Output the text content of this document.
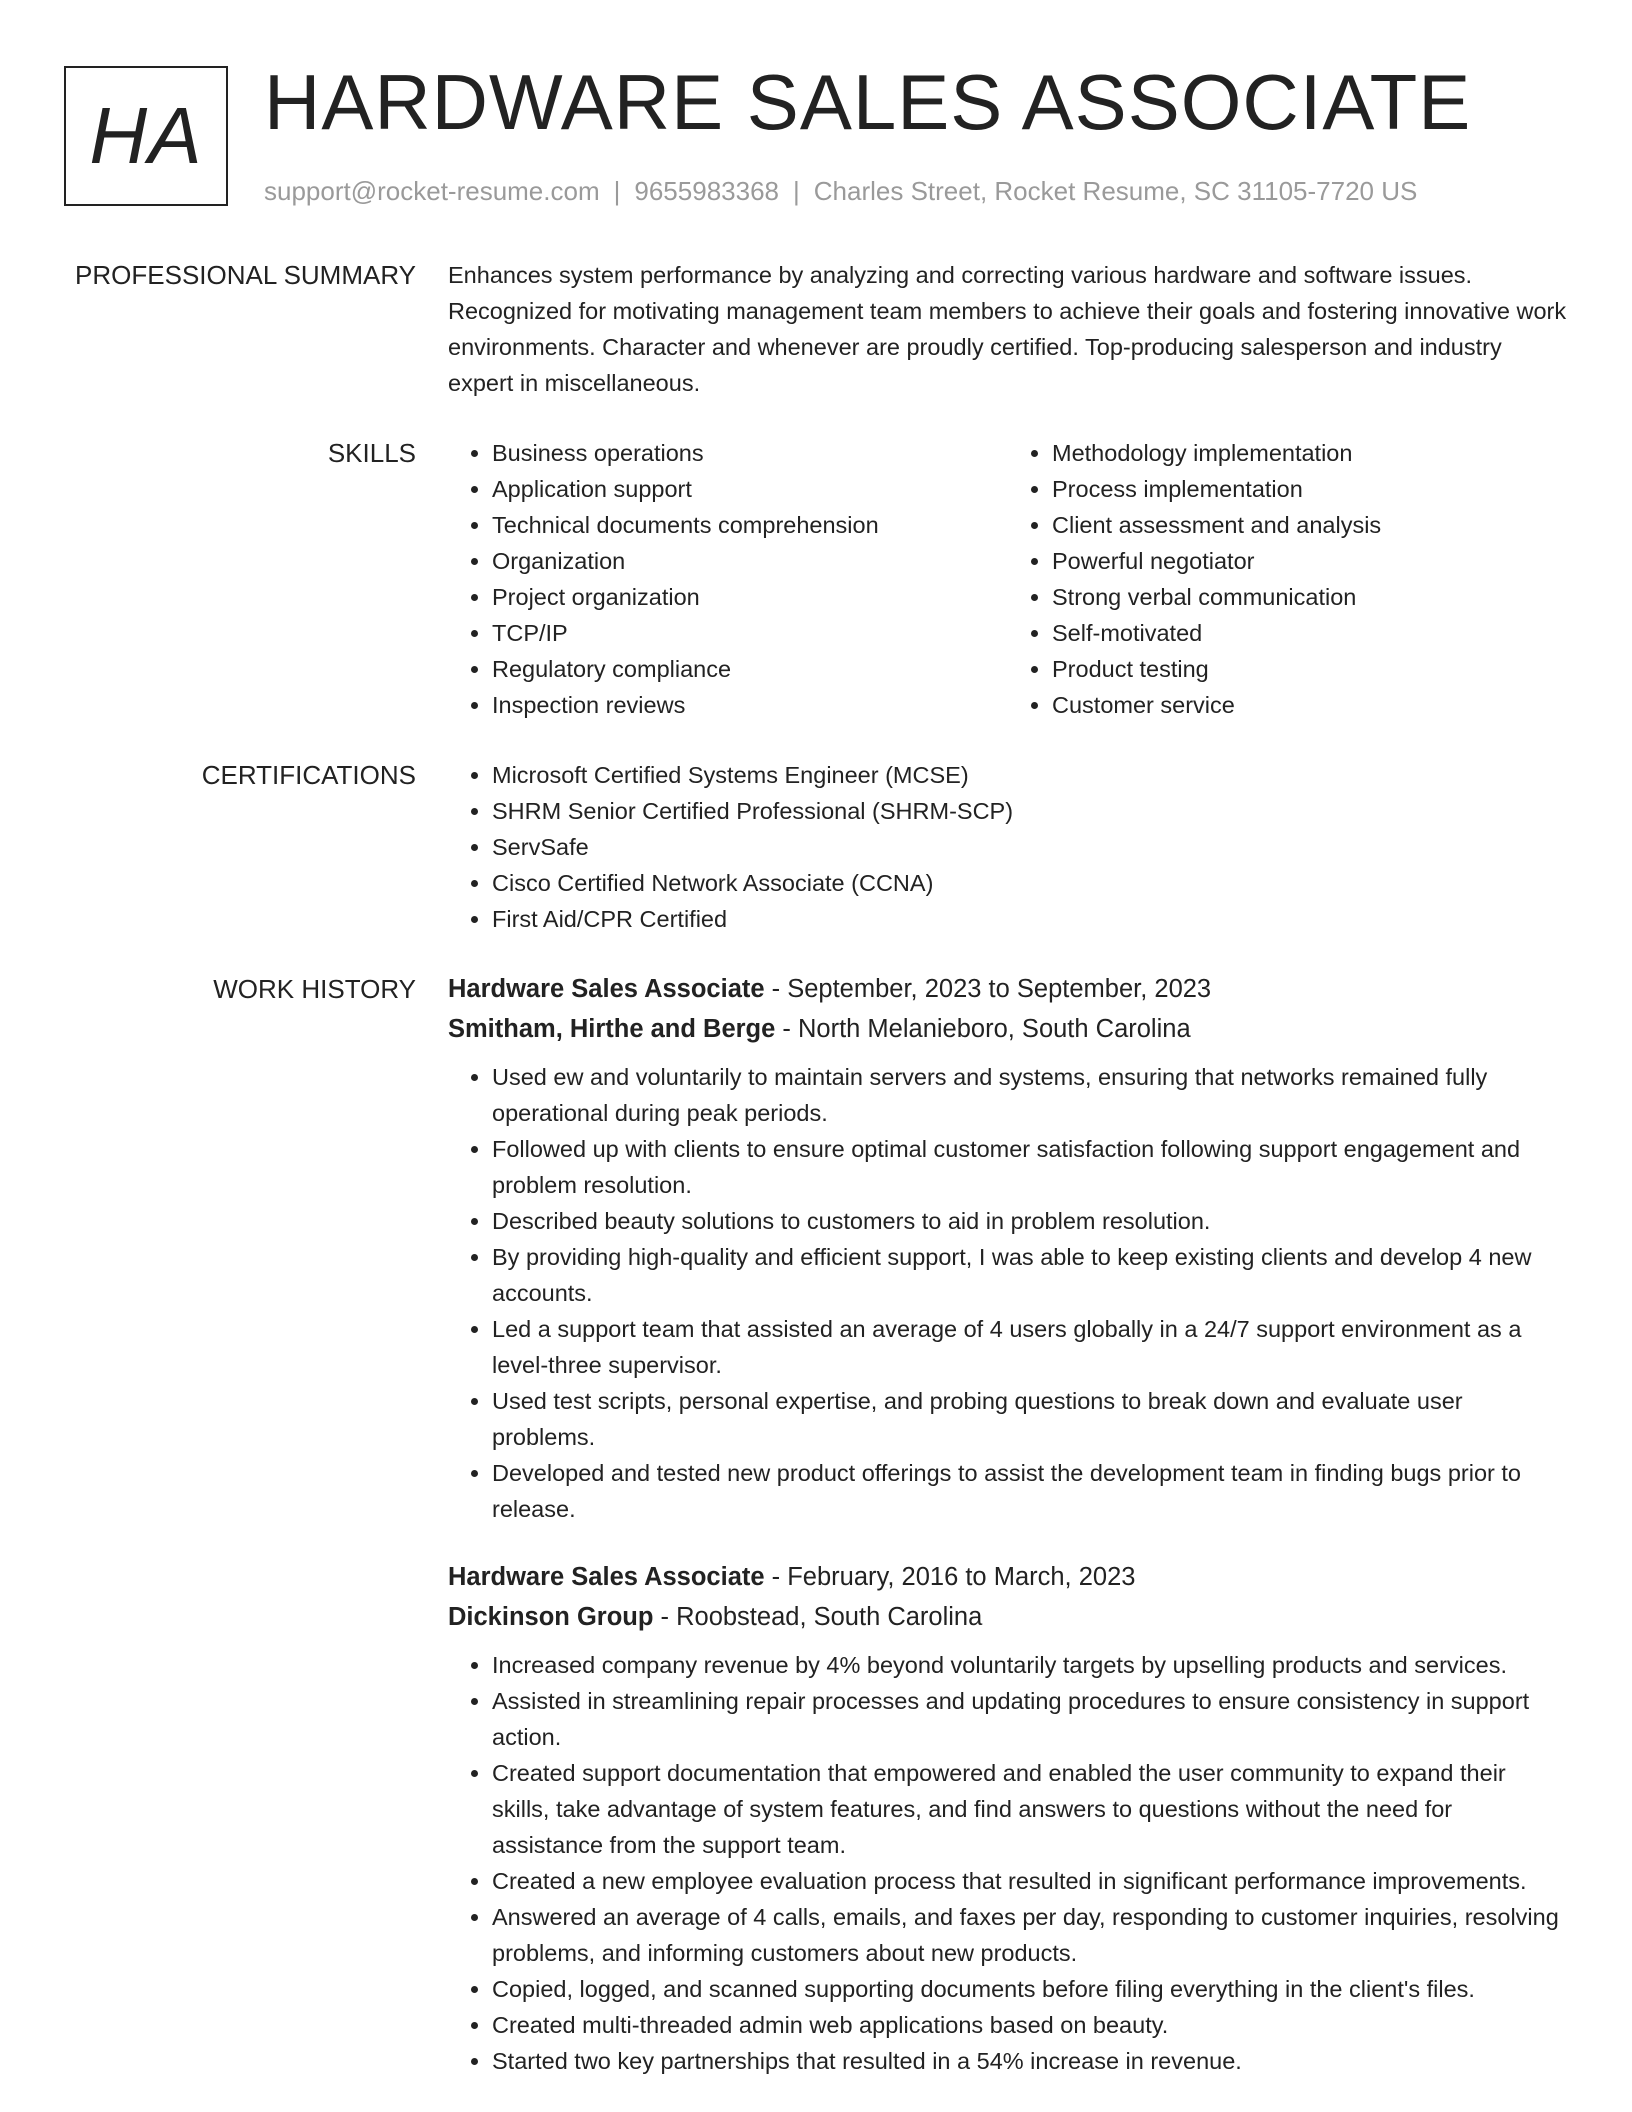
HA HARDWARE SALES ASSOCIATE
support@rocket-resume.com | 9655983368 | Charles Street, Rocket Resume, SC 31105-7720 US
PROFESSIONAL SUMMARY Enhances system performance by analyzing and correcting various hardware and software issues. Recognized for motivating management team members to achieve their goals and fostering innovative work environments. Character and whenever are proudly certified. Top-producing salesperson and industry expert in miscellaneous.

SKILLS	• Business operations
• Application support
• Technical documents comprehension
• Organization
• Project organization
• TCP/IP
• Regulatory compliance
• Inspection reviews
• Methodology implementation
• Process implementation
• Client assessment and analysis
• Powerful negotiator
• Strong verbal communication
• Self-motivated
• Product testing
• Customer service
CERTIFICATIONS	• Microsoft Certified Systems Engineer (MCSE)
• SHRM Senior Certified Professional (SHRM-SCP)
• ServSafe
• Cisco Certified Network Associate (CCNA)
• First Aid/CPR Certified
WORK HISTORY Hardware Sales Associate - September, 2023 to September, 2023
Smitham, Hirthe and Berge - North Melanieboro, South Carolina
• Used ew and voluntarily to maintain servers and systems, ensuring that networks remained fully operational during peak periods.
• Followed up with clients to ensure optimal customer satisfaction following support engagement and problem resolution.
• Described beauty solutions to customers to aid in problem resolution.
• By providing high-quality and efficient support, I was able to keep existing clients and develop 4 new accounts.
• Led a support team that assisted an average of 4 users globally in a 24/7 support environment as a level-three supervisor.
• Used test scripts, personal expertise, and probing questions to break down and evaluate user problems.
• Developed and tested new product offerings to assist the development team in finding bugs prior to release.
Hardware Sales Associate - February, 2016 to March, 2023
Dickinson Group - Roobstead, South Carolina
• Increased company revenue by 4% beyond voluntarily targets by upselling products and services.
• Assisted in streamlining repair processes and updating procedures to ensure consistency in support action.
• Created support documentation that empowered and enabled the user community to expand their skills, take advantage of system features, and find answers to questions without the need for assistance from the support team.
• Created a new employee evaluation process that resulted in significant performance improvements.
• Answered an average of 4 calls, emails, and faxes per day, responding to customer inquiries, resolving problems, and informing customers about new products.
• Copied, logged, and scanned supporting documents before filing everything in the client's files.
• Created multi-threaded admin web applications based on beauty.
• Started two key partnerships that resulted in a 54% increase in revenue.
